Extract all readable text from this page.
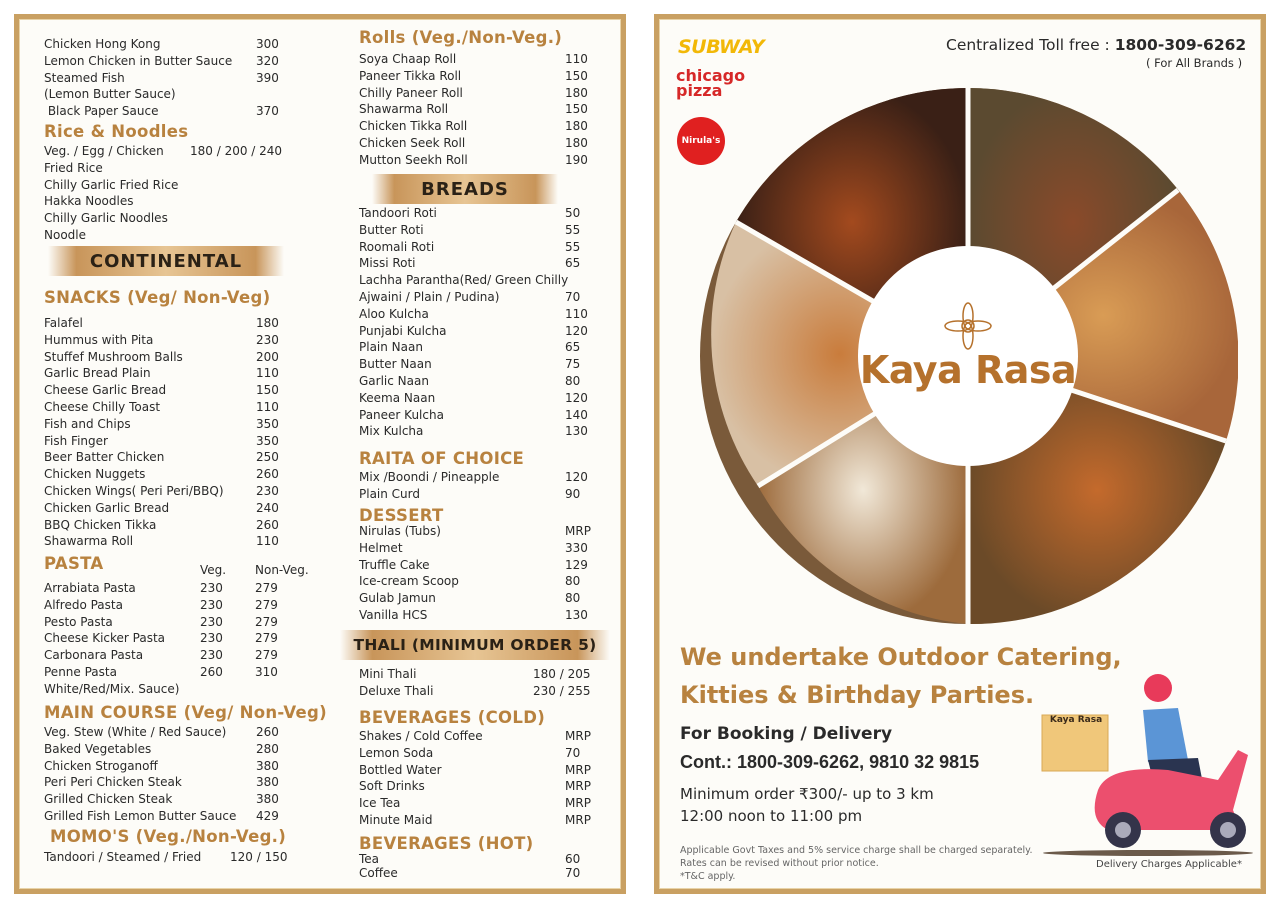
Chicken Hong Kong	300
Lemon Chicken in Butter Sauce 320
Steamed Fish	390
(Lemon Butter Sauce)
Black Paper Sauce	370
Rice & Noodles
Veg. / Egg / Chicken 180 / 200 / 240
Fried Rice
Chilly Garlic Fried Rice
Hakka Noodles
Chilly Garlic Noodles
Noodle
CONTINENTAL
SNACKS (Veg/ Non-Veg)
Falafel	180
Hummus with Pita	230
Stuffef Mushroom Balls	200
Garlic Bread Plain	110
Cheese Garlic Bread	150
Cheese Chilly Toast	110
Fish and Chips	350
Fish Finger	350
Beer Batter Chicken	250
Chicken Nuggets	260
Chicken Wings( Peri Peri/BBQ)	230
Chicken Garlic Bread	240
BBQ Chicken Tikka	260
Shawarma Roll	110
PASTA	Veg. Non-Veg.
Arrabiata Pasta	230	279
Alfredo Pasta	230	279
Pesto Pasta	230	279
Cheese Kicker Pasta	230	279
Carbonara Pasta	230	279
Penne Pasta	260	310
White/Red/Mix. Sauce)
MAIN COURSE (Veg/ Non-Veg)
Veg. Stew (White / Red Sauce) 260
Baked Vegetables	280
Chicken Stroganoff	380
Peri Peri Chicken Steak	380
Grilled Chicken Steak	380
Grilled Fish Lemon Butter Sauce 429
MOMO'S (Veg./Non-Veg.)
Tandoori / Steamed / Fried 120 / 150
Rolls (Veg./Non-Veg.)
Soya Chaap Roll	110
Paneer Tikka Roll	150
Chilly Paneer Roll	180
Shawarma Roll	150
Chicken Tikka Roll	180
Chicken Seek Roll	180
Mutton Seekh Roll	190
BREADS
Tandoori Roti	50
Butter Roti	55
Roomali Roti	55
Missi Roti	65
Lachha Parantha(Red/ Green Chilly
Ajwaini / Plain / Pudina)	70
Aloo Kulcha	110
Punjabi Kulcha	120
Plain Naan	65
Butter Naan	75
Garlic Naan	80
Keema Naan	120
Paneer Kulcha	140
Mix Kulcha	130
RAITA OF CHOICE
Mix /Boondi / Pineapple	120
Plain Curd	90
DESSERT
Nirulas (Tubs)	MRP
Helmet	330
Truffle Cake	129
Ice-cream Scoop	80
Gulab Jamun	80
Vanilla HCS	130
THALI (MINIMUM ORDER 5)
Mini Thali	180 / 205
Deluxe Thali	230 / 255
BEVERAGES (COLD)
Shakes / Cold Coffee	MRP
Lemon Soda	70
Bottled Water	MRP
Soft Drinks	MRP
Ice Tea	MRP
Minute Maid	MRP
BEVERAGES (HOT)
Tea	60
Coffee	70
SUBWAY
chicago pizza
Nirula's
Centralized Toll free : 1800-309-6262
( For All Brands )
Kaya Rasa
We undertake Outdoor Catering,
Kitties & Birthday Parties.
For Booking / Delivery
Cont.: 1800-309-6262, 9810 32 9815
Minimum order ₹300/- up to 3 km
12:00 noon to 11:00 pm
Applicable Govt Taxes and 5% service charge shall be charged separately.
Rates can be revised without prior notice.
*T&C apply.
Kaya Rasa
Delivery Charges Applicable*
